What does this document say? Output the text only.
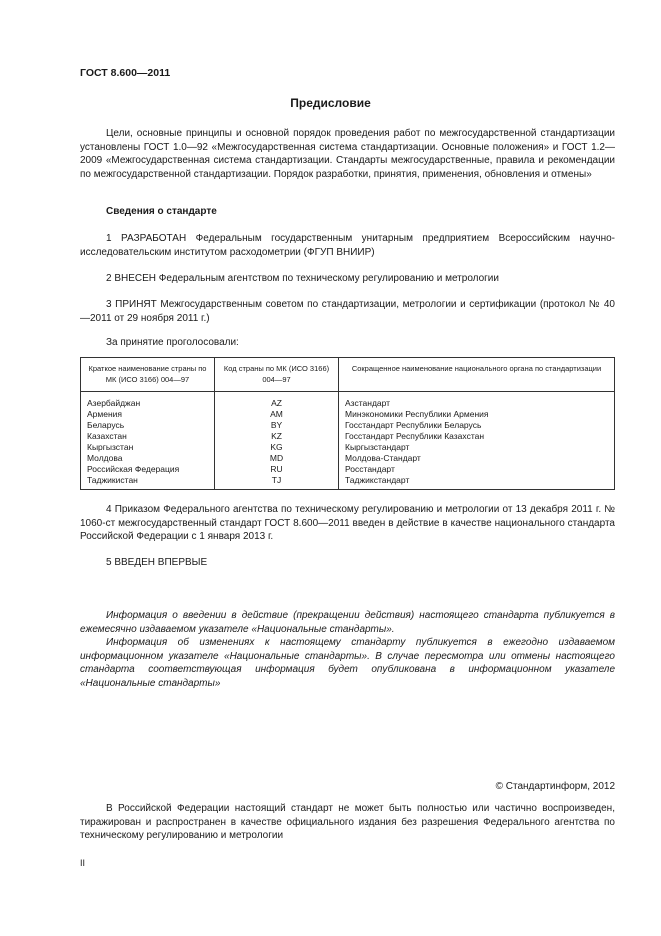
ГОСТ 8.600—2011
Предисловие

Цели, основные принципы и основной порядок проведения работ по межгосударственной стандартизации установлены ГОСТ 1.0—92 «Межгосударственная система стандартизации. Основные положения» и ГОСТ 1.2—2009 «Межгосударственная система стандартизации. Стандарты межгосударственные, правила и рекомендации по межгосударственной стандартизации. Порядок разработки, принятия, применения, обновления и отмены»

Сведения о стандарте

1 РАЗРАБОТАН Федеральным государственным унитарным предприятием Всероссийским научно-исследовательским институтом расходометрии (ФГУП ВНИИР)

2 ВНЕСЕН Федеральным агентством по техническому регулированию и метрологии

3 ПРИНЯТ Межгосударственным советом по стандартизации, метрологии и сертификации (протокол № 40—2011 от 29 ноября 2011 г.)

За принятие проголосовали:
Краткое наименование страны по МК (ИСО 3166) 004—97	Код страны по МК (ИСО 3166) 004—97	Сокращенное наименование национального органа по стандартизации
Азербайджан	AZ	Азстандарт
Армения	AM	Минэкономики Республики Армения
Беларусь	BY	Госстандарт Республики Беларусь
Казахстан	KZ	Госстандарт Республики Казахстан
Кыргызстан	KG	Кыргызстандарт
Молдова	MD	Молдова-Стандарт
Российская Федерация	RU	Росстандарт
Таджикистан	TJ	Таджикстандарт

4 Приказом Федерального агентства по техническому регулированию и метрологии от 13 декабря 2011 г. № 1060-ст межгосударственный стандарт ГОСТ 8.600—2011 введен в действие в качестве национального стандарта Российской Федерации с 1 января 2013 г.

5 ВВЕДЕН ВПЕРВЫЕ

Информация о введении в действие (прекращении действия) настоящего стандарта публикуется в ежемесячно издаваемом указателе «Национальные стандарты».

Информация об изменениях к настоящему стандарту публикуется в ежегодно издаваемом информационном указателе «Национальные стандарты». В случае пересмотра или отмены настоящего стандарта соответствующая информация будет опубликована в информационном указателе «Национальные стандарты»

© Стандартинформ, 2012

В Российской Федерации настоящий стандарт не может быть полностью или частично воспроизведен, тиражирован и распространен в качестве официального издания без разрешения Федерального агентства по техническому регулированию и метрологии

II
